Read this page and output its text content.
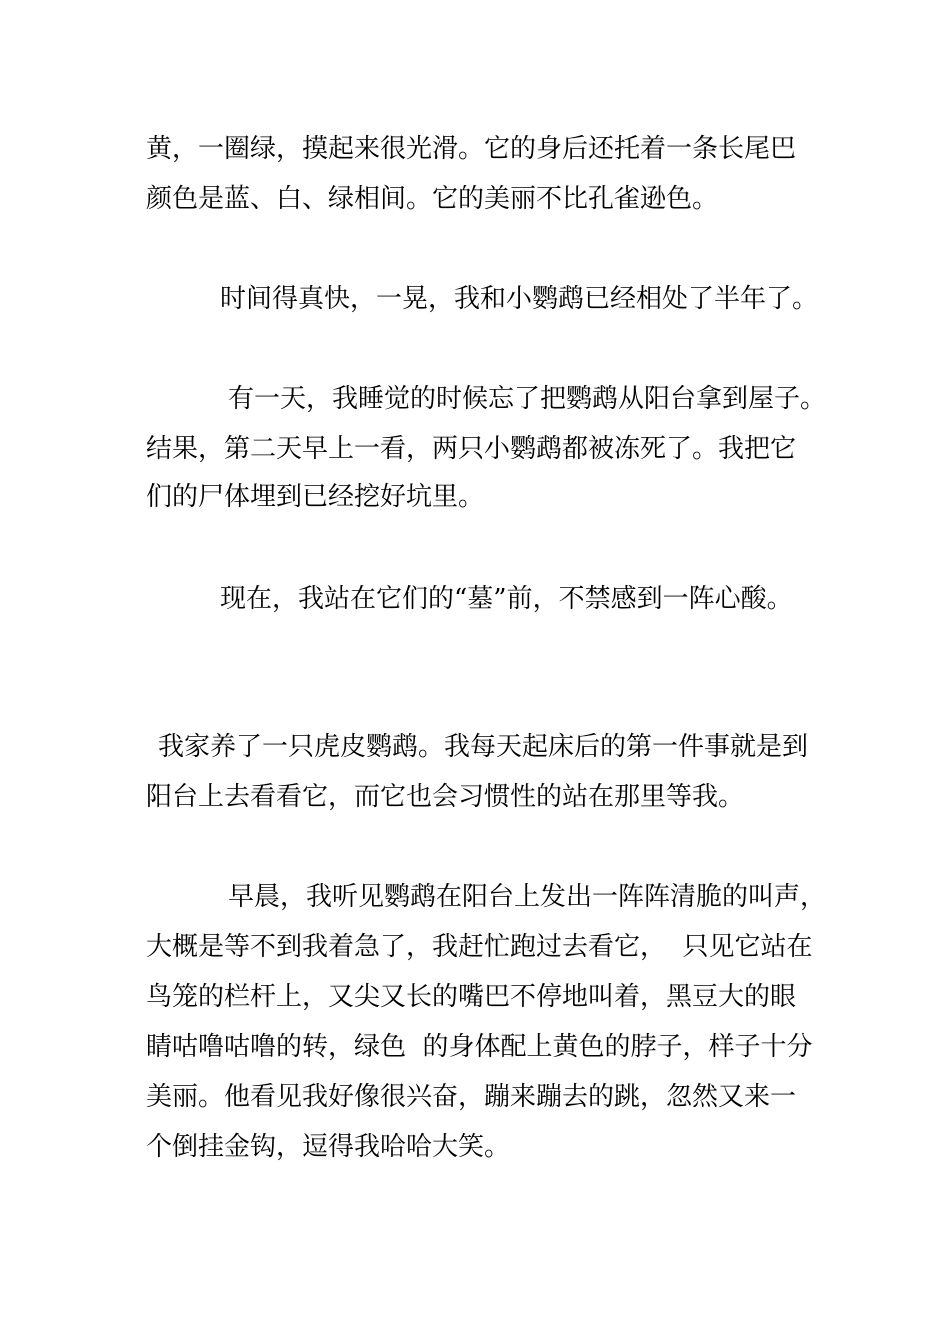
黄，一圈绿，摸起来很光滑。它的身后还托着一条长尾巴

颜色是蓝、白、绿相间。它的美丽不比孔雀逊色。

时间得真快，一晃，我和小鹦鹉已经相处了半年了。

有一天，我睡觉的时候忘了把鹦鹉从阳台拿到屋子。

结果，第二天早上一看，两只小鹦鹉都被冻死了。我把它

们的尸体埋到已经挖好坑里。

现在，我站在它们的“墓”前，不禁感到一阵心酸。

我家养了一只虎皮鹦鹉。我每天起床后的第一件事就是到

阳台上去看看它，而它也会习惯性的站在那里等我。

早晨，我听见鹦鹉在阳台上发出一阵阵清脆的叫声，

大概是等不到我着急了，我赶忙跑过去看它，  只见它站在

鸟笼的栏杆上，又尖又长的嘴巴不停地叫着，黑豆大的眼

睛咕噜咕噜的转，绿色  的身体配上黄色的脖子，样子十分

美丽。他看见我好像很兴奋，蹦来蹦去的跳，忽然又来一

个倒挂金钩，逗得我哈哈大笑。
